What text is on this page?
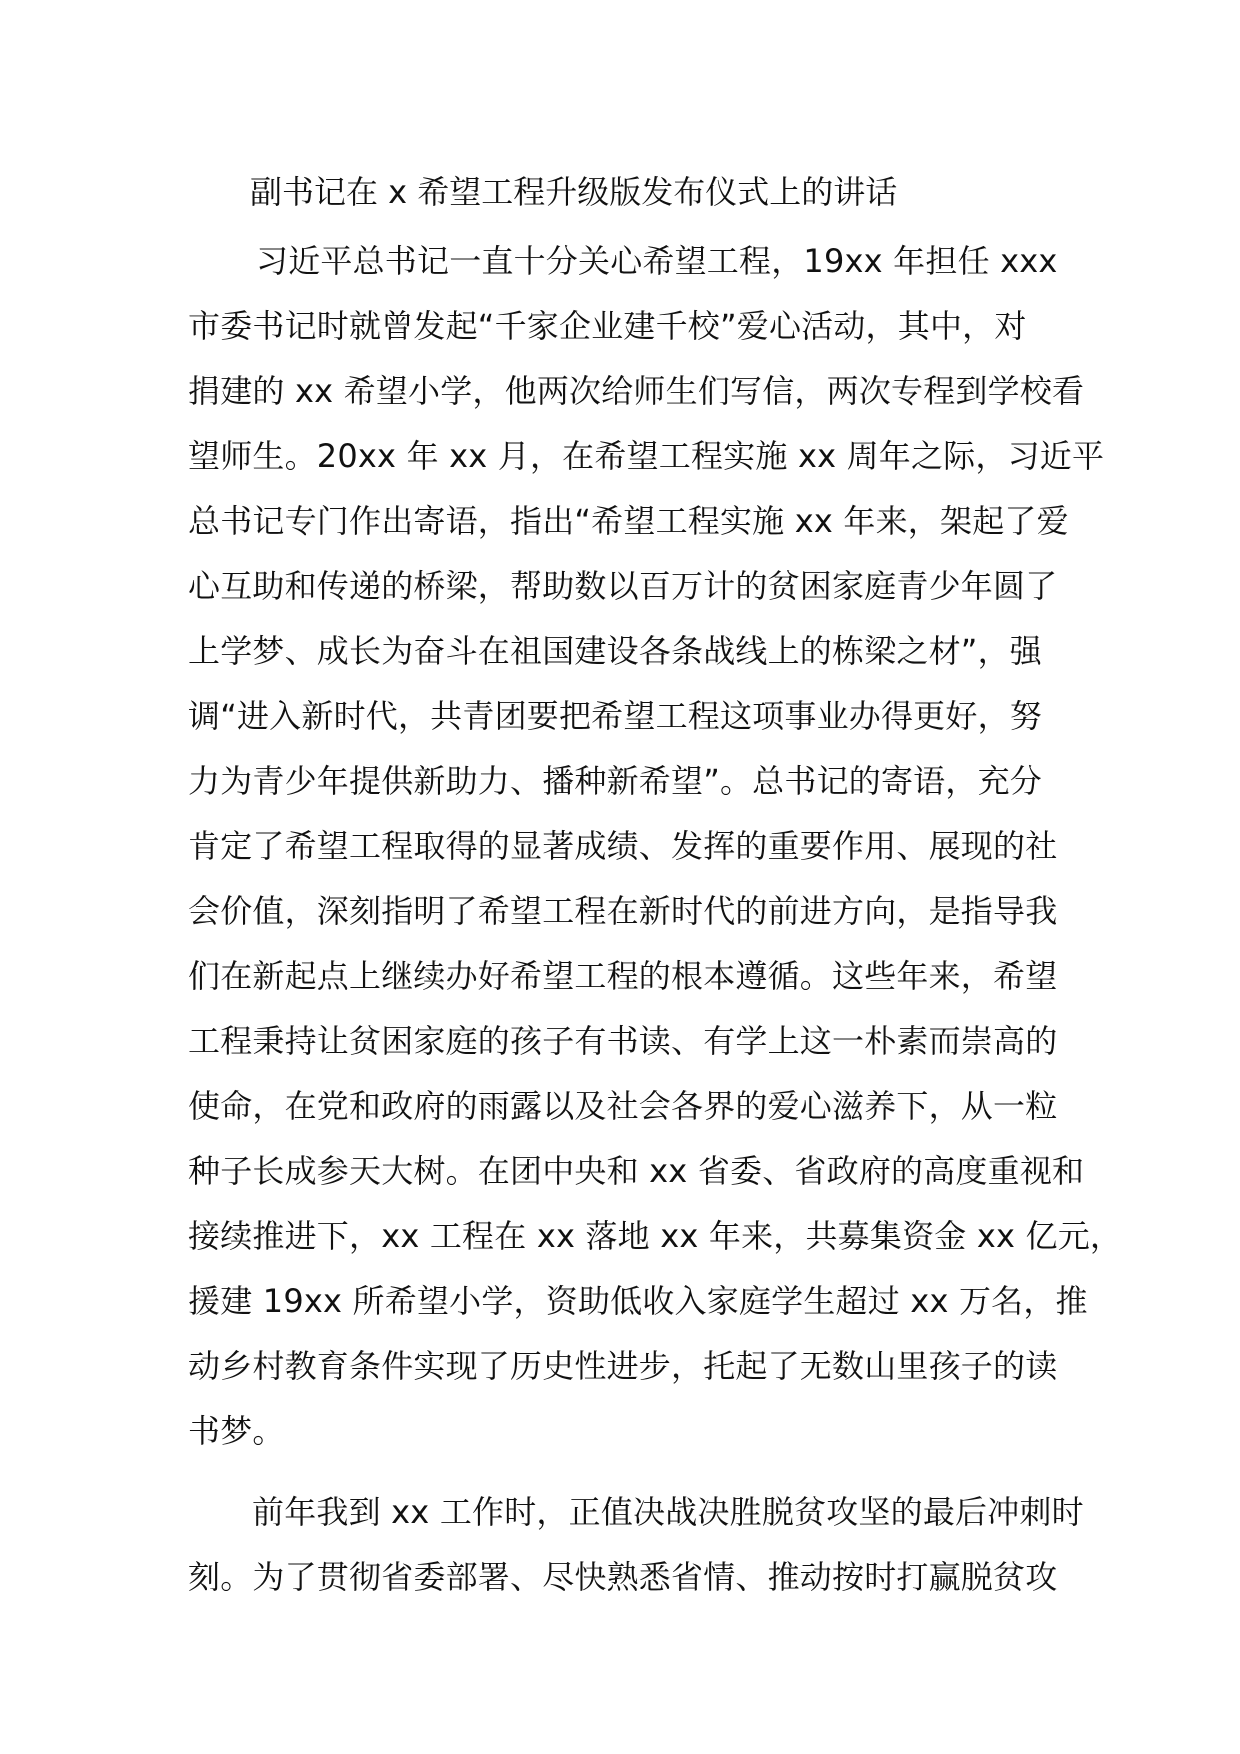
副书记在 x 希望工程升级版发布仪式上的讲话
习近平总书记一直十分关心希望工程，19xx 年担任 xxx
市委书记时就曾发起“千家企业建千校”爱心活动，其中，对
捐建的 xx 希望小学，他两次给师生们写信，两次专程到学校看
望师生。20xx 年 xx 月，在希望工程实施 xx 周年之际，习近平
总书记专门作出寄语，指出“希望工程实施 xx 年来，架起了爱
心互助和传递的桥梁，帮助数以百万计的贫困家庭青少年圆了
上学梦、成长为奋斗在祖国建设各条战线上的栋梁之材”，强
调“进入新时代，共青团要把希望工程这项事业办得更好，努
力为青少年提供新助力、播种新希望”。总书记的寄语，充分
肯定了希望工程取得的显著成绩、发挥的重要作用、展现的社
会价值，深刻指明了希望工程在新时代的前进方向，是指导我
们在新起点上继续办好希望工程的根本遵循。这些年来，希望
工程秉持让贫困家庭的孩子有书读、有学上这一朴素而崇高的
使命，在党和政府的雨露以及社会各界的爱心滋养下，从一粒
种子长成参天大树。在团中央和 xx 省委、省政府的高度重视和
接续推进下，xx 工程在 xx 落地 xx 年来，共募集资金 xx 亿元，
援建 19xx 所希望小学，资助低收入家庭学生超过 xx 万名，推
动乡村教育条件实现了历史性进步，托起了无数山里孩子的读
书梦。
前年我到 xx 工作时，正值决战决胜脱贫攻坚的最后冲刺时
刻。为了贯彻省委部署、尽快熟悉省情、推动按时打赢脱贫攻
